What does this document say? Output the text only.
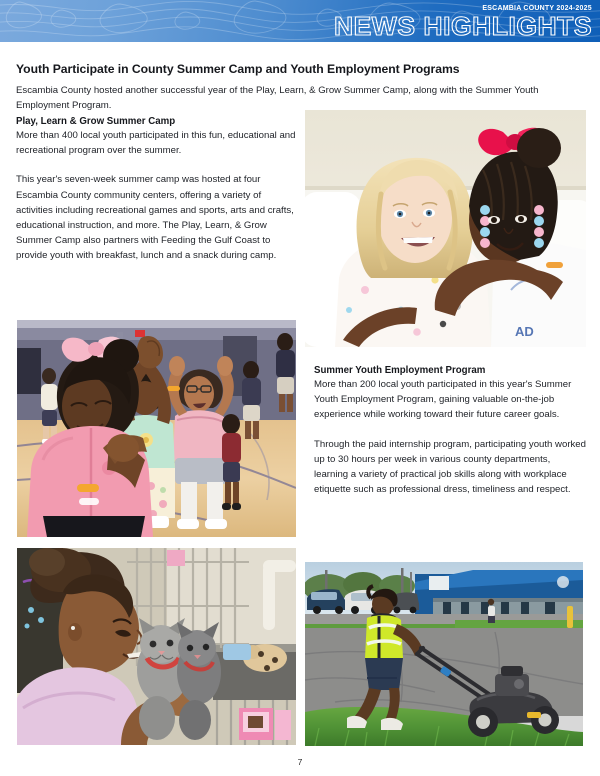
ESCAMBIA COUNTY 2024-2025
NEWS HIGHLIGHTS
Youth Participate in County Summer Camp and Youth Employment Programs

Escambia County hosted another successful year of the Play, Learn, & Grow Summer Camp, along with the Summer Youth Employment Program.

Play, Learn & Grow Summer Camp

More than 400 local youth participated in this fun, educational and recreational program over the summer.

This year's seven-week summer camp was hosted at four Escambia County community centers, offering a variety of activities including recreational games and sports, arts and crafts, educational instruction, and more. The Play, Learn, & Grow Summer Camp also partners with Feeding the Gulf Coast to provide youth with breakfast, lunch and a snack during camp.

Summer Youth Employment Program

More than 200 local youth participated in this year's Summer Youth Employment Program, gaining valuable on-the-job experience while working toward their future career goals.

Through the paid internship program, participating youth worked up to 30 hours per week in various county departments, learning a variety of practical job skills along with workplace etiquette such as professional dress, timeliness and respect.

AD
7
